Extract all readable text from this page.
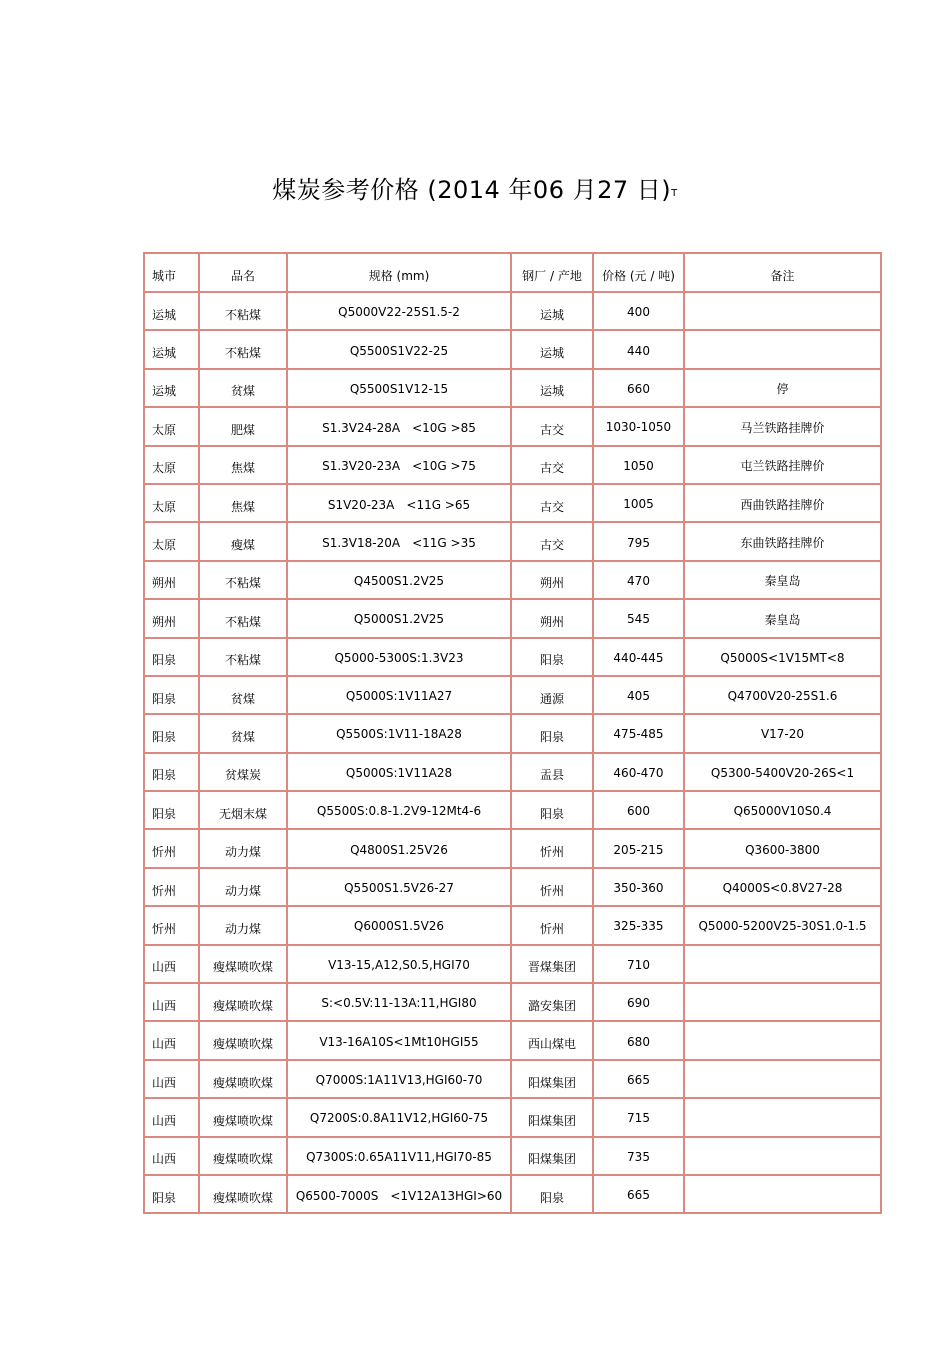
煤炭参考价格 (2014 年06 月27 日)$^T$
城市	品名	规格 (mm)	钢厂 / 产地	价格 (元 / 吨)	备注
运城	不粘煤	Q5000V22-25S1.5-2	运城	400	
运城	不粘煤	Q5500S1V22-25	运城	440	
运城	贫煤	Q5500S1V12-15	运城	660	停
太原	肥煤	S1.3V24-28A　<10G >85	古交	1030-1050	马兰铁路挂牌价
太原	焦煤	S1.3V20-23A　<10G >75	古交	1050	屯兰铁路挂牌价
太原	焦煤	S1V20-23A　<11G >65	古交	1005	西曲铁路挂牌价
太原	瘦煤	S1.3V18-20A　<11G >35	古交	795	东曲铁路挂牌价
朔州	不粘煤	Q4500S1.2V25	朔州	470	秦皇岛
朔州	不粘煤	Q5000S1.2V25	朔州	545	秦皇岛
阳泉	不粘煤	Q5000-5300S:1.3V23	阳泉	440-445	Q5000S<1V15MT<8
阳泉	贫煤	Q5000S:1V11A27	通源	405	Q4700V20-25S1.6
阳泉	贫煤	Q5500S:1V11-18A28	阳泉	475-485	V17-20
阳泉	贫煤炭	Q5000S:1V11A28	盂县	460-470	Q5300-5400V20-26S<1
阳泉	无烟末煤	Q5500S:0.8-1.2V9-12Mt4-6	阳泉	600	Q65000V10S0.4
忻州	动力煤	Q4800S1.25V26	忻州	205-215	Q3600-3800
忻州	动力煤	Q5500S1.5V26-27	忻州	350-360	Q4000S<0.8V27-28
忻州	动力煤	Q6000S1.5V26	忻州	325-335	Q5000-5200V25-30S1.0-1.5
山西	瘦煤喷吹煤	V13-15,A12,S0.5,HGI70	晋煤集团	710	
山西	瘦煤喷吹煤	S:<0.5V:11-13A:11,HGI80	潞安集团	690	
山西	瘦煤喷吹煤	V13-16A10S<1Mt10HGI55	西山煤电	680	
山西	瘦煤喷吹煤	Q7000S:1A11V13,HGI60-70	阳煤集团	665	
山西	瘦煤喷吹煤	Q7200S:0.8A11V12,HGI60-75	阳煤集团	715	
山西	瘦煤喷吹煤	Q7300S:0.65A11V11,HGI70-85	阳煤集团	735	
阳泉	瘦煤喷吹煤	Q6500-7000S　<1V12A13HGI>60	阳泉	665	
